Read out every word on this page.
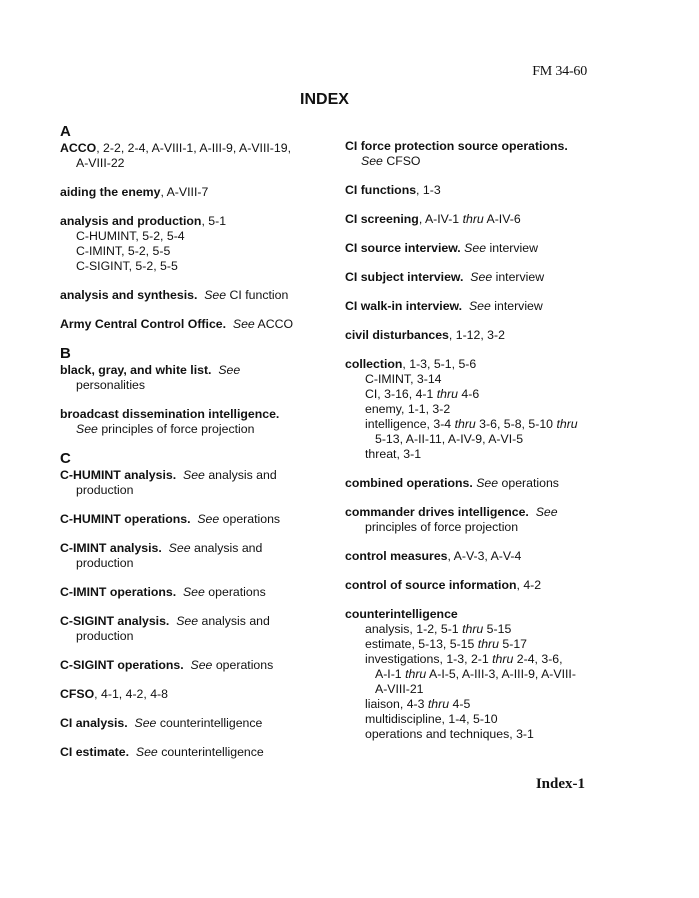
FM 34-60
INDEX
A
ACCO, 2-2, 2-4, A-VIII-1, A-III-9, A-VIII-19,
A-VIII-22
aiding the enemy, A-VIII-7
analysis and production, 5-1
C-HUMINT, 5-2, 5-4
C-IMINT, 5-2, 5-5
C-SIGINT, 5-2, 5-5
analysis and synthesis. See CI function
Army Central Control Office. See ACCO
B
black, gray, and white list. See
personalities
broadcast dissemination intelligence.
See principles of force projection
C
C-HUMINT analysis. See analysis and
production
C-HUMINT operations. See operations
C-IMINT analysis. See analysis and
production
C-IMINT operations. See operations
C-SIGINT analysis. See analysis and
production
C-SIGINT operations. See operations
CFSO, 4-1, 4-2, 4-8
CI analysis. See counterintelligence
CI estimate. See counterintelligence
CI force protection source operations.
See CFSO
CI functions, 1-3
CI screening, A-IV-1 thru A-IV-6
CI source interview. See interview
CI subject interview. See interview
CI walk-in interview. See interview
civil disturbances, 1-12, 3-2
collection, 1-3, 5-1, 5-6
C-IMINT, 3-14
CI, 3-16, 4-1 thru 4-6
enemy, 1-1, 3-2
intelligence, 3-4 thru 3-6, 5-8, 5-10 thru
5-13, A-II-11, A-IV-9, A-VI-5
threat, 3-1
combined operations. See operations
commander drives intelligence. See
principles of force projection
control measures, A-V-3, A-V-4
control of source information, 4-2
counterintelligence
analysis, 1-2, 5-1 thru 5-15
estimate, 5-13, 5-15 thru 5-17
investigations, 1-3, 2-1 thru 2-4, 3-6,
A-I-1 thru A-I-5, A-III-3, A-III-9, A-VIII-
A-VIII-21
liaison, 4-3 thru 4-5
multidiscipline, 1-4, 5-10
operations and techniques, 3-1
Index-1
